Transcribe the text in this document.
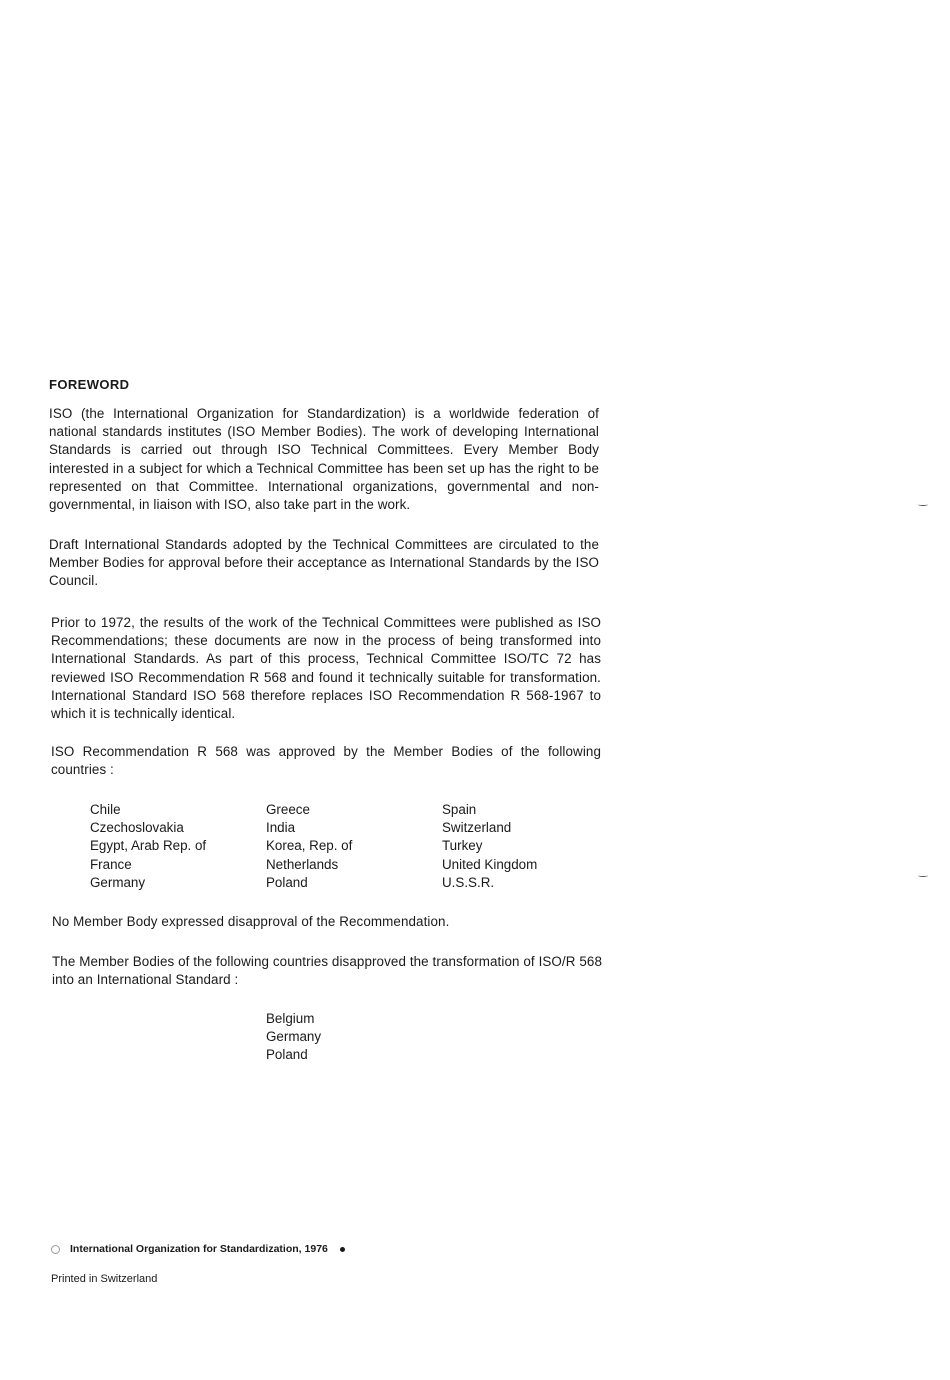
FOREWORD

ISO (the International Organization for Standardization) is a worldwide federation of national standards institutes (ISO Member Bodies). The work of developing International Standards is carried out through ISO Technical Committees. Every Member Body interested in a subject for which a Technical Committee has been set up has the right to be represented on that Committee. International organizations, governmental and non-governmental, in liaison with ISO, also take part in the work.

Draft International Standards adopted by the Technical Committees are circulated to the Member Bodies for approval before their acceptance as International Standards by the ISO Council.

Prior to 1972, the results of the work of the Technical Committees were published as ISO Recommendations; these documents are now in the process of being transformed into International Standards. As part of this process, Technical Committee ISO/TC 72 has reviewed ISO Recommendation R 568 and found it technically suitable for transformation. International Standard ISO 568 therefore replaces ISO Recommendation R 568-1967 to which it is technically identical.

ISO Recommendation R 568 was approved by the Member Bodies of the following countries :

Chile
Czechoslovakia
Egypt, Arab Rep. of
France
Germany
Greece
India
Korea, Rep. of
Netherlands
Poland
Spain
Switzerland
Turkey
United Kingdom
U.S.S.R.

No Member Body expressed disapproval of the Recommendation.

The Member Bodies of the following countries disapproved the transformation of ISO/R 568 into an International Standard :

Belgium
Germany
Poland
International Organization for Standardization, 1976
Printed in Switzerland
